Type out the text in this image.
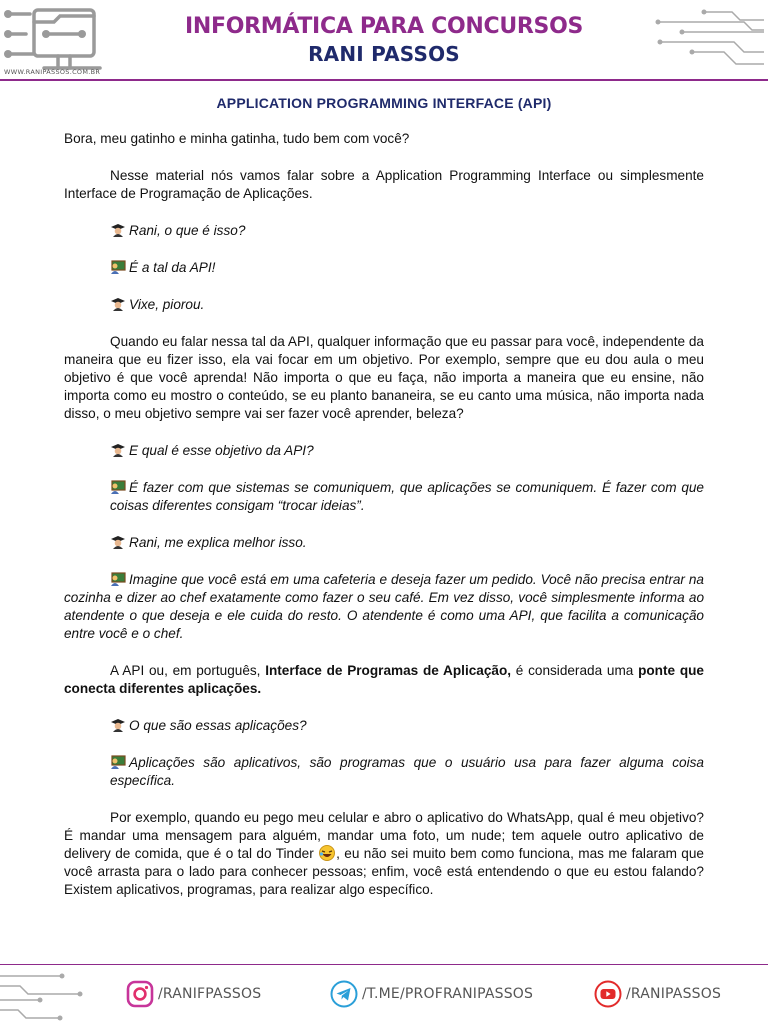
WWW.RANIPASSOS.COM.BR
INFORMÁTICA PARA CONCURSOS
RANI PASSOS
APPLICATION PROGRAMMING INTERFACE (API)

Bora, meu gatinho e minha gatinha, tudo bem com você?

Nesse material nós vamos falar sobre a Application Programming Interface ou simplesmente Interface de Programação de Aplicações.

Rani, o que é isso?

É a tal da API!

Vixe, piorou.

Quando eu falar nessa tal da API, qualquer informação que eu passar para você, independente da maneira que eu fizer isso, ela vai focar em um objetivo. Por exemplo, sempre que eu dou aula o meu objetivo é que você aprenda! Não importa o que eu faça, não importa a maneira que eu ensine, não importa como eu mostro o conteúdo, se eu planto bananeira, se eu canto uma música, não importa nada disso, o meu objetivo sempre vai ser fazer você aprender, beleza?

E qual é esse objetivo da API?

É fazer com que sistemas se comuniquem, que aplicações se comuniquem. É fazer com que coisas diferentes consigam “trocar ideias”.

Rani, me explica melhor isso.

Imagine que você está em uma cafeteria e deseja fazer um pedido. Você não precisa entrar na cozinha e dizer ao chef exatamente como fazer o seu café. Em vez disso, você simplesmente informa ao atendente o que deseja e ele cuida do resto. O atendente é como uma API, que facilita a comunicação entre você e o chef.

A API ou, em português, Interface de Programas de Aplicação, é considerada uma ponte que conecta diferentes aplicações.

O que são essas aplicações?

Aplicações são aplicativos, são programas que o usuário usa para fazer alguma coisa específica.

Por exemplo, quando eu pego meu celular e abro o aplicativo do WhatsApp, qual é meu objetivo? É mandar uma mensagem para alguém, mandar uma foto, um nude; tem aquele outro aplicativo de delivery de comida, que é o tal do Tinder , eu não sei muito bem como funciona, mas me falaram que você arrasta para o lado para conhecer pessoas; enfim, você está entendendo o que eu estou falando? Existem aplicativos, programas, para realizar algo específico.

/RANIFPASSOS	/T.ME/PROFRANIPASSOS	/RANIPASSOS
